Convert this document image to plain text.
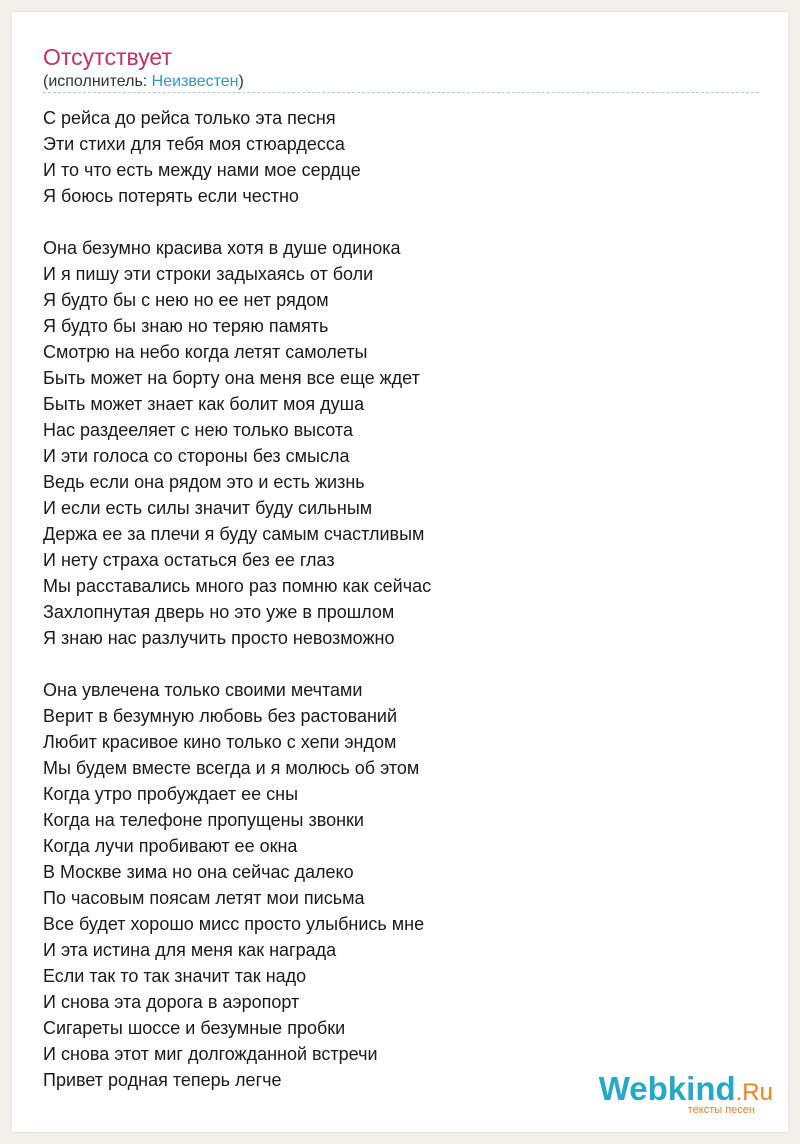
Отсутствует
(исполнитель: Неизвестен)
С рейса до рейса только эта песня
Эти стихи для тебя моя стюардесса
И то что есть между нами мое сердце
Я боюсь потерять если честно
Она безумно красива хотя в душе одинока
И я пишу эти строки задыхаясь от боли
Я будто бы с нею но ее нет рядом
Я будто бы знаю но теряю память
Смотрю на небо когда летят самолеты
Быть может на борту она меня все еще ждет
Быть может знает как болит моя душа
Нас раздееляет с нею только высота
И эти голоса со стороны без смысла
Ведь если она рядом это и есть жизнь
И если есть силы значит буду сильным
Держа ее за плечи я буду самым счастливым
И нету страха остаться без ее глаз
Мы расставались много раз помню как сейчас
Захлопнутая дверь но это уже в прошлом
Я знаю нас разлучить просто невозможно
Она увлечена только своими мечтами
Верит в безумную любовь без растований
Любит красивое кино только с хепи эндом
Мы будем вместе всегда и я молюсь об этом
Когда утро пробуждает ее сны
Когда на телефоне пропущены звонки
Когда лучи пробивают ее окна
В Москве зима но она сейчас далеко
По часовым поясам летят мои письма
Все будет хорошо мисс просто улыбнись мне
И эта истина для меня как награда
Если так то так значит так надо
И снова эта дорога в аэропорт
Сигареты шоссе и безумные пробки
И снова этот миг долгожданной встречи
Привет родная теперь легче	Webkind.Ru
тексты песен
